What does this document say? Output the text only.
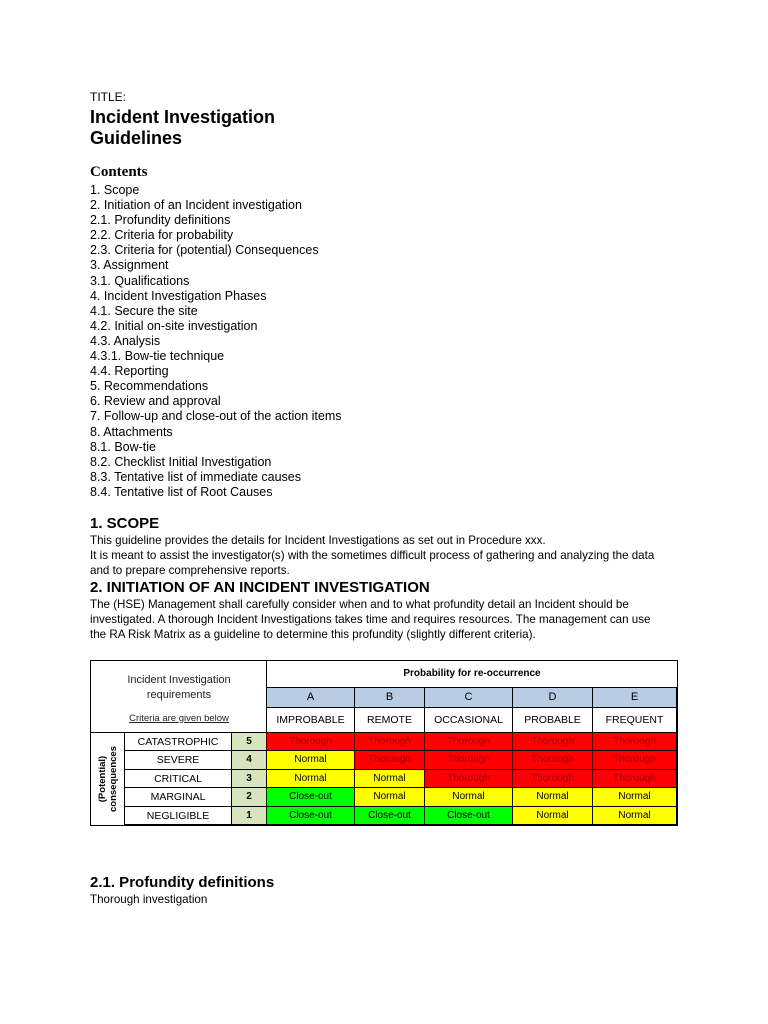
TITLE:

Incident Investigation
Guidelines
Contents
1. Scope
2. Initiation of an Incident investigation
2.1. Profundity definitions
2.2. Criteria for probability
2.3. Criteria for (potential) Consequences
3. Assignment
3.1. Qualifications
4. Incident Investigation Phases
4.1. Secure the site
4.2. Initial on-site investigation
4.3. Analysis
4.3.1. Bow-tie technique
4.4. Reporting
5. Recommendations
6. Review and approval
7. Follow-up and close-out of the action items
8. Attachments
8.1. Bow-tie
8.2. Checklist Initial Investigation
8.3. Tentative list of immediate causes
8.4. Tentative list of Root Causes
1. SCOPE

This guideline provides the details for Incident Investigations as set out in Procedure xxx.

It is meant to assist the investigator(s) with the sometimes difficult process of gathering and analyzing the data

and to prepare comprehensive reports.

2. INITIATION OF AN INCIDENT INVESTIGATION

The (HSE) Management shall carefully consider when and to what profundity detail an Incident should be

investigated. A thorough Incident Investigations takes time and requires resources. The management can use

the RA Risk Matrix as a guideline to determine this profundity (slightly different criteria).

Incident Investigation
requirements
Criteria are given below
Probability for re-occurrence
A	B	C	D	E
IMPROBABLE	REMOTE	OCCASIONAL	PROBABLE	FREQUENT
(Potential) consequences
CATASTROPHIC	5	Thorough	Thorough	Thorough	Thorough	Thorough
SEVERE	4	Normal	Thorough	Thorough	Thorough	Thorough
CRITICAL	3	Normal	Normal	Thorough	Thorough	Thorough
MARGINAL	2	Close-out	Normal	Normal	Normal	Normal
NEGLIGIBLE	1	Close-out	Close-out	Close-out	Normal	Normal
2.1. Profundity definitions

Thorough investigation
